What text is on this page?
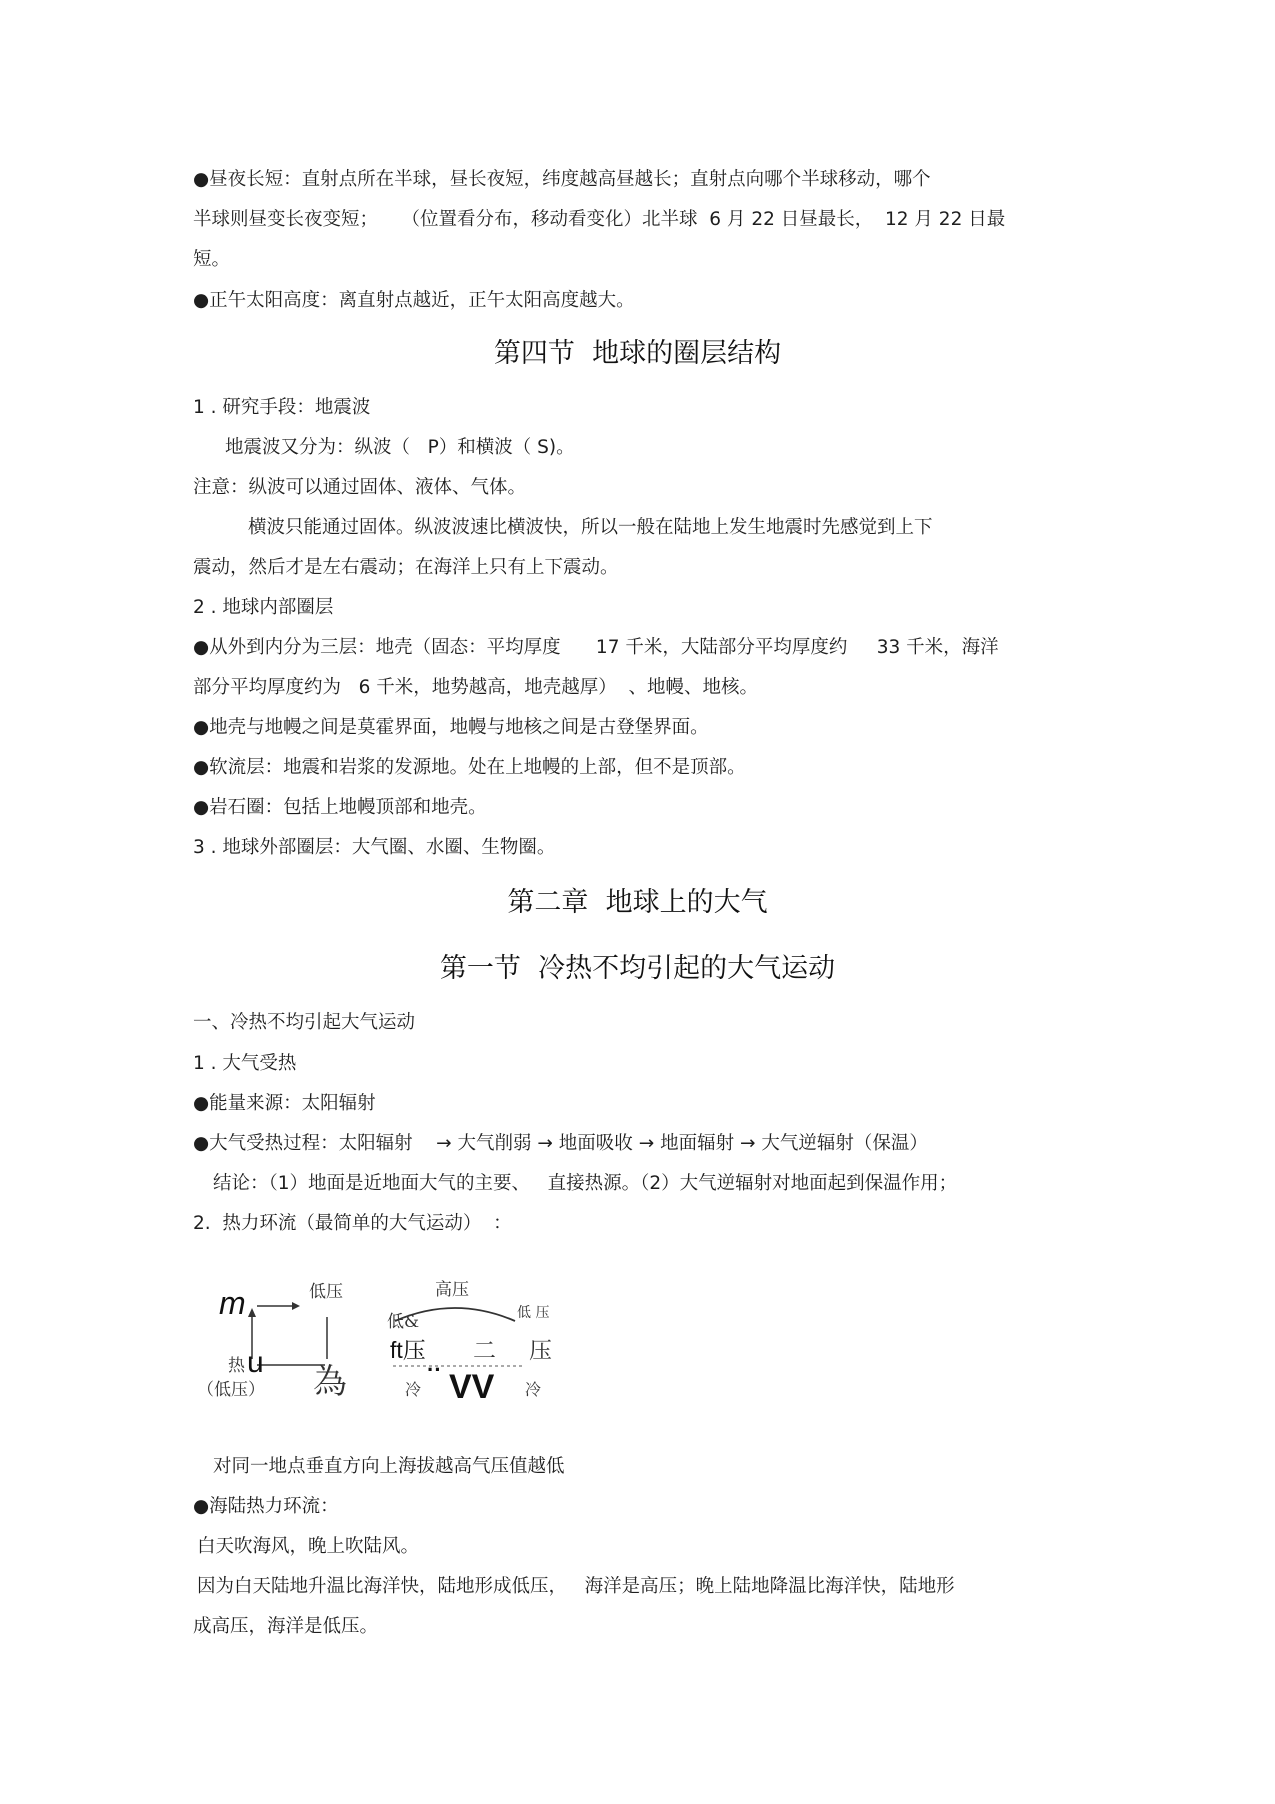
●昼夜长短：直射点所在半球，昼长夜短，纬度越高昼越长；直射点向哪个半球移动，哪个
半球则昼变长夜变短；    （位置看分布，移动看变化）北半球  6 月 22 日昼最长，  12 月 22 日最
短。
●正午太阳高度：离直射点越近，正午太阳高度越大。
第四节  地球的圈层结构
1 . 研究手段：地震波
地震波又分为：纵波（   P）和横波（ S)。
注意：纵波可以通过固体、液体、气体。
横波只能通过固体。纵波波速比横波快，所以一般在陆地上发生地震时先感觉到上下
震动，然后才是左右震动；在海洋上只有上下震动。
2 . 地球内部圈层
●从外到内分为三层：地壳（固态：平均厚度      17 千米，大陆部分平均厚度约     33 千米，海洋
部分平均厚度约为   6 千米，地势越高，地壳越厚）  、地幔、地核。
●地壳与地幔之间是莫霍界面，地幔与地核之间是古登堡界面。
●软流层：地震和岩浆的发源地。处在上地幔的上部，但不是顶部。
●岩石圈：包括上地幔顶部和地壳。
3 . 地球外部圈层：大气圈、水圈、生物圈。
第二章  地球上的大气
第一节  冷热不均引起的大气运动
一、冷热不均引起大气运动
1 . 大气受热
●能量来源：太阳辐射
●大气受热过程：太阳辐射    → 大气削弱 → 地面吸收 → 地面辐射 → 大气逆辐射（保温）
结论：（1）地面是近地面大气的主要、   直接热源。（2）大气逆辐射对地面起到保温作用；
2.  热力环流（最简单的大气运动）  ：
m	低压
u
热
（低压） 為
高压
低&	低 压
ft压 二 压
冷
·· VV 冷
对同一地点垂直方向上海拔越高气压值越低
●海陆热力环流：
白天吹海风，晚上吹陆风。
因为白天陆地升温比海洋快，陆地形成低压，   海洋是高压；晚上陆地降温比海洋快，陆地形
成高压，海洋是低压。
